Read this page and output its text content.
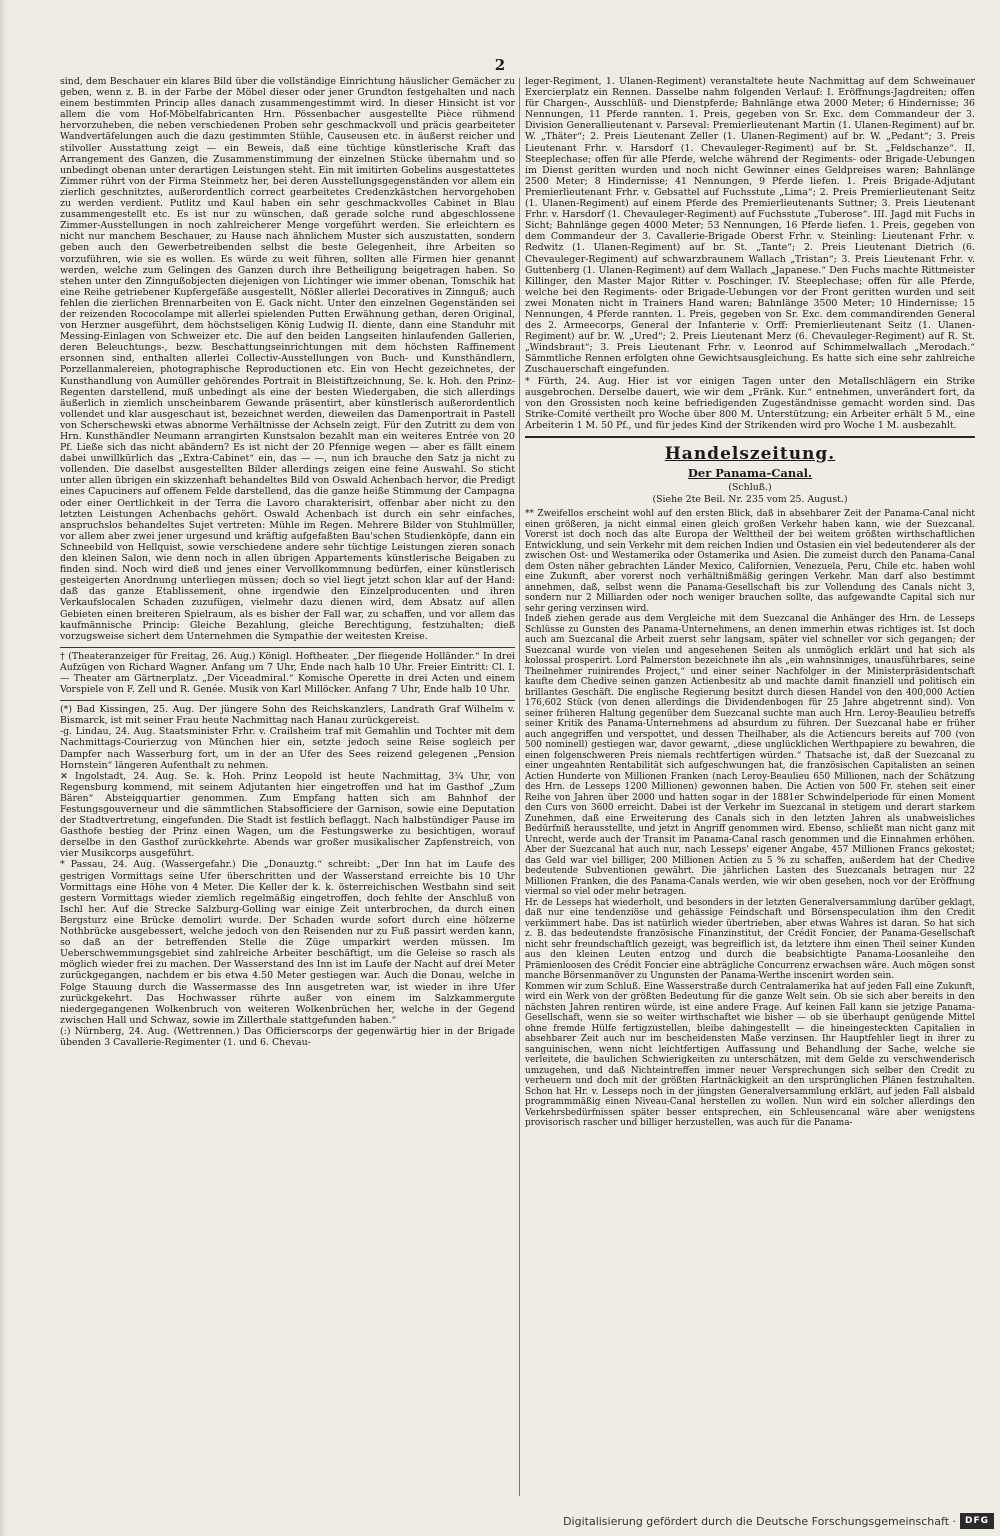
2

sind, dem Beschauer ein klares Bild über die vollständige Einrichtung häuslicher Gemächer zu geben, wenn z. B. in der Farbe der Möbel dieser oder jener Grundton festgehalten und nach einem bestimmten Princip alles danach zusammengestimmt wird. In dieser Hinsicht ist vor allem die vom Hof-Möbelfabricanten Hrn. Pössenbacher ausgestellte Pièce rühmend hervorzuheben, die neben verschiedenen Proben sehr geschmackvoll und präcis gearbeiteter Wandvertäfelungen auch die dazu gestimmten Stühle, Causeusen etc. in äußerst reicher und stilvoller Ausstattung zeigt — ein Beweis, daß eine tüchtige künstlerische Kraft das Arrangement des Ganzen, die Zusammenstimmung der einzelnen Stücke übernahm und so unbedingt obenan unter derartigen Leistungen steht. Ein mit imitirten Gobelins ausgestattetes Zimmer rührt von der Firma Steinmetz her, bei deren Ausstellungsgegenständen vor allem ein zierlich geschnitztes, außerordentlich correct gearbeitetes Credenzkästchen hervorgehoben zu werden verdient. Putlitz und Kaul haben ein sehr geschmackvolles Cabinet in Blau zusammengestellt etc. Es ist nur zu wünschen, daß gerade solche rund abgeschlossene Zimmer-Ausstellungen in noch zahlreicherer Menge vorgeführt werden. Sie erleichtern es nicht nur manchem Beschauer, zu Hause nach ähnlichem Muster sich auszustatten, sondern geben auch den Gewerbetreibenden selbst die beste Gelegenheit, ihre Arbeiten so vorzuführen, wie sie es wollen. Es würde zu weit führen, sollten alle Firmen hier genannt werden, welche zum Gelingen des Ganzen durch ihre Betheiligung beigetragen haben. So stehen unter den Zinngußobjecten diejenigen von Lichtinger wie immer obenan, Tomschik hat eine Reihe getriebener Kupfergefäße ausgestellt, Nößler allerlei Decoratives in Zinnguß; auch fehlen die zierlichen Brennarbeiten von E. Gack nicht. Unter den einzelnen Gegenständen sei der reizenden Rococolampe mit allerlei spielenden Putten Erwähnung gethan, deren Original, von Herzner ausgeführt, dem höchstseligen König Ludwig II. diente, dann eine Standuhr mit Messing-Einlagen von Schweizer etc. Die auf den beiden Langseiten hinlaufenden Gallerien, deren Beleuchtungs-, bezw. Beschattungseinrichtungen mit dem höchsten Raffinement ersonnen sind, enthalten allerlei Collectiv-Ausstellungen von Buch- und Kunsthändlern, Porzellanmalereien, photographische Reproductionen etc. Ein von Hecht gezeichnetes, der Kunsthandlung von Aumüller gehörendes Portrait in Bleistiftzeichnung, Se. k. Hoh. den Prinz-Regenten darstellend, muß unbedingt als eine der besten Wiedergaben, die sich allerdings äußerlich in ziemlich unscheinbarem Gewande präsentirt, aber künstlerisch außerordentlich vollendet und klar ausgeschaut ist, bezeichnet werden, dieweilen das Damenportrait in Pastell von Scherschewski etwas abnorme Verhältnisse der Achseln zeigt. Für den Zutritt zu dem von Hrn. Kunsthändler Neumann arrangirten Kunstsalon bezahlt man ein weiteres Entrée von 20 Pf. Ließe sich das nicht abändern? Es ist nicht der 20 Pfennige wegen — aber es fällt einem dabei unwillkürlich das „Extra-Cabinet“ ein, das — —, nun ich brauche den Satz ja nicht zu vollenden. Die daselbst ausgestellten Bilder allerdings zeigen eine feine Auswahl. So sticht unter allen übrigen ein skizzenhaft behandeltes Bild von Oswald Achenbach hervor, die Predigt eines Capuciners auf offenem Felde darstellend, das die ganze heiße Stimmung der Campagna oder einer Oertlichkeit in der Terra die Lavoro charakterisirt, offenbar aber nicht zu den letzten Leistungen Achenbachs gehört. Oswald Achenbach ist durch ein sehr einfaches, anspruchslos behandeltes Sujet vertreten: Mühle im Regen. Mehrere Bilder von Stuhlmüller, vor allem aber zwei jener urgesund und kräftig aufgefaßten Bau'schen Studienköpfe, dann ein Schneebild von Hellquist, sowie verschiedene andere sehr tüchtige Leistungen zieren sonach den kleinen Salon, wie denn noch in allen übrigen Appartements künstlerische Beigaben zu finden sind. Noch wird dieß und jenes einer Vervollkommnung bedürfen, einer künstlerisch gesteigerten Anordnung unterliegen müssen; doch so viel liegt jetzt schon klar auf der Hand: daß das ganze Etablissement, ohne irgendwie den Einzelproducenten und ihren Verkaufslocalen Schaden zuzufügen, vielmehr dazu dienen wird, dem Absatz auf allen Gebieten einen breiteren Spielraum, als es bisher der Fall war, zu schaffen, und vor allem das kaufmännische Princip: Gleiche Bezahlung, gleiche Berechtigung, festzuhalten; dieß vorzugsweise sichert dem Unternehmen die Sympathie der weitesten Kreise.

† (Theateranzeiger für Freitag, 26. Aug.) Königl. Hoftheater. „Der fliegende Holländer.“ In drei Aufzügen von Richard Wagner. Anfang um 7 Uhr, Ende nach halb 10 Uhr. Freier Eintritt: Cl. I. — Theater am Gärtnerplatz. „Der Viceadmiral.“ Komische Operette in drei Acten und einem Vorspiele von F. Zell und R. Genée. Musik von Karl Millöcker. Anfang 7 Uhr, Ende halb 10 Uhr.

(*) Bad Kissingen, 25. Aug. Der jüngere Sohn des Reichskanzlers, Landrath Graf Wilhelm v. Bismarck, ist mit seiner Frau heute Nachmittag nach Hanau zurückgereist.

-g. Lindau, 24. Aug. Staatsminister Frhr. v. Crailsheim traf mit Gemahlin und Tochter mit dem Nachmittags-Courierzug von München hier ein, setzte jedoch seine Reise sogleich per Dampfer nach Wasserburg fort, um in der an Ufer des Sees reizend gelegenen „Pension Hornstein“ längeren Aufenthalt zu nehmen.

✕ Ingolstadt, 24. Aug. Se. k. Hoh. Prinz Leopold ist heute Nachmittag, 3¾ Uhr, von Regensburg kommend, mit seinem Adjutanten hier eingetroffen und hat im Gasthof „Zum Bären“ Absteigquartier genommen. Zum Empfang hatten sich am Bahnhof der Festungsgouverneur und die sämmtlichen Stabsofficiere der Garnison, sowie eine Deputation der Stadtvertretung, eingefunden. Die Stadt ist festlich beflaggt. Nach halbstündiger Pause im Gasthofe bestieg der Prinz einen Wagen, um die Festungswerke zu besichtigen, worauf derselbe in den Gasthof zurückkehrte. Abends war großer musikalischer Zapfenstreich, von vier Musikcorps ausgeführt.

* Passau, 24. Aug. (Wassergefahr.) Die „Donauztg.“ schreibt: „Der Inn hat im Laufe des gestrigen Vormittags seine Ufer überschritten und der Wasserstand erreichte bis 10 Uhr Vormittags eine Höhe von 4 Meter. Die Keller der k. k. österreichischen Westbahn sind seit gestern Vormittags wieder ziemlich regelmäßig eingetroffen, doch fehlte der Anschluß von Ischl her. Auf die Strecke Salzburg-Golling war einige Zeit unterbrochen, da durch einen Bergsturz eine Brücke demolirt wurde. Der Schaden wurde sofort durch eine hölzerne Nothbrücke ausgebessert, welche jedoch von den Reisenden nur zu Fuß passirt werden kann, so daß an der betreffenden Stelle die Züge umparkirt werden müssen. Im Ueberschwemmungsgebiet sind zahlreiche Arbeiter beschäftigt, um die Geleise so rasch als möglich wieder frei zu machen. Der Wasserstand des Inn ist im Laufe der Nacht auf drei Meter zurückgegangen, nachdem er bis etwa 4.50 Meter gestiegen war. Auch die Donau, welche in Folge Stauung durch die Wassermasse des Inn ausgetreten war, ist wieder in ihre Ufer zurückgekehrt. Das Hochwasser rührte außer von einem im Salzkammergute niedergegangenen Wolkenbruch von weiteren Wolkenbrüchen her, welche in der Gegend zwischen Hall und Schwaz, sowie im Zillerthale stattgefunden haben.“

(:) Nürnberg, 24. Aug. (Wettrennen.) Das Officierscorps der gegenwärtig hier in der Brigade übenden 3 Cavallerie-Regimenter (1. und 6. Chevau-

leger-Regiment, 1. Ulanen-Regiment) veranstaltete heute Nachmittag auf dem Schweinauer Exercierplatz ein Rennen. Dasselbe nahm folgenden Verlauf: I. Eröffnungs-Jagdreiten; offen für Chargen-, Ausschlüß- und Dienstpferde; Bahnlänge etwa 2000 Meter; 6 Hindernisse; 36 Nennungen, 11 Pferde rannten. 1. Preis, gegeben von Sr. Exc. dem Commandeur der 3. Division Generallieutenant v. Parseval: Premierlieutenant Martin (1. Ulanen-Regiment) auf br. W. „Thäter“; 2. Preis Lieutenant Zeller (1. Ulanen-Regiment) auf br. W. „Pedant“; 3. Preis Lieutenant Frhr. v. Harsdorf (1. Chevauleger-Regiment) auf br. St. „Feldschanze“. II. Steeplechase; offen für alle Pferde, welche während der Regiments- oder Brigade-Uebungen im Dienst geritten wurden und noch nicht Gewinner eines Geldpreises waren; Bahnlänge 2500 Meter; 8 Hindernisse; 41 Nennungen, 9 Pferde liefen. 1. Preis Brigade-Adjutant Premierlieutenant Frhr. v. Gebsattel auf Fuchsstute „Lima“; 2. Preis Premierlieutenant Seitz (1. Ulanen-Regiment) auf einem Pferde des Premierlieutenants Suttner; 3. Preis Lieutenant Frhr. v. Harsdorf (1. Chevauleger-Regiment) auf Fuchsstute „Tuberose“. III. Jagd mit Fuchs in Sicht; Bahnlänge gegen 4000 Meter; 53 Nennungen, 16 Pferde liefen. 1. Preis, gegeben von dem Commandeur der 3. Cavallerie-Brigade Oberst Frhr. v. Steinling: Lieutenant Frhr. v. Redwitz (1. Ulanen-Regiment) auf br. St. „Tante“; 2. Preis Lieutenant Dietrich (6. Chevauleger-Regiment) auf schwarzbraunem Wallach „Tristan“; 3. Preis Lieutenant Frhr. v. Guttenberg (1. Ulanen-Regiment) auf dem Wallach „Japanese.“ Den Fuchs machte Rittmeister Killinger, den Master Major Ritter v. Poschinger. IV. Steeplechase; offen für alle Pferde, welche bei den Regiments- oder Brigade-Uebungen vor der Front geritten wurden und seit zwei Monaten nicht in Trainers Hand waren; Bahnlänge 3500 Meter; 10 Hindernisse; 15 Nennungen, 4 Pferde rannten. 1. Preis, gegeben von Sr. Exc. dem commandirenden General des 2. Armeecorps, General der Infanterie v. Orff: Premierlieutenant Seitz (1. Ulanen-Regiment) auf br. W. „Ured“; 2. Preis Lieutenant Merz (6. Chevauleger-Regiment) auf R. St. „Windsbraut“; 3. Preis Lieutenant Frhr. v. Leonrod auf Schimmelwallach „Merodach.“ Sämmtliche Rennen erfolgten ohne Gewichtsausgleichung. Es hatte sich eine sehr zahlreiche Zuschauerschaft eingefunden.

* Fürth, 24. Aug. Hier ist vor einigen Tagen unter den Metallschlägern ein Strike ausgebrochen. Derselbe dauert, wie wir dem „Fränk. Kur.“ entnehmen, unverändert fort, da von den Grossisten noch keine befriedigenden Zugeständnisse gemacht worden sind. Das Strike-Comité vertheilt pro Woche über 800 M. Unterstützung; ein Arbeiter erhält 5 M., eine Arbeiterin 1 M. 50 Pf., und für jedes Kind der Strikenden wird pro Woche 1 M. ausbezahlt.

Handelszeitung.
Der Panama-Canal.
(Schluß.)
(Siehe 2te Beil. Nr. 235 vom 25. August.)

** Zweifellos erscheint wohl auf den ersten Blick, daß in absehbarer Zeit der Panama-Canal nicht einen größeren, ja nicht einmal einen gleich großen Verkehr haben kann, wie der Suezcanal. Vorerst ist doch noch das alte Europa der Welttheil der bei weitem größten wirthschaftlichen Entwicklung, und sein Verkehr mit dem reichen Indien und Ostasien ein viel bedeutenderer als der zwischen Ost- und Westamerika oder Ostamerika und Asien. Die zumeist durch den Panama-Canal dem Osten näher gebrachten Länder Mexico, Californien, Venezuela, Peru, Chile etc. haben wohl eine Zukunft, aber vorerst noch verhältnißmäßig geringen Verkehr. Man darf also bestimmt annehmen, daß, selbst wenn die Panama-Gesellschaft bis zur Vollendung des Canals nicht 3, sondern nur 2 Milliarden oder noch weniger brauchen sollte, das aufgewandte Capital sich nur sehr gering verzinsen wird.

Indeß ziehen gerade aus dem Vergleiche mit dem Suezcanal die Anhänger des Hrn. de Lesseps Schlüsse zu Gunsten des Panama-Unternehmens, an denen immerhin etwas richtiges ist. Ist doch auch am Suezcanal die Arbeit zuerst sehr langsam, später viel schneller vor sich gegangen; der Suezcanal wurde von vielen und angesehenen Seiten als unmöglich erklärt und hat sich als kolossal prosperirt. Lord Palmerston bezeichnete ihn als „ein wahnsinniges, unausführbares, seine Theilnehmer ruinirendes Project,“ und einer seiner Nachfolger in der Ministerpräsidentschaft kaufte dem Chedive seinen ganzen Actienbesitz ab und machte damit finanziell und politisch ein brillantes Geschäft. Die englische Regierung besitzt durch diesen Handel von den 400,000 Actien 176,602 Stück (von denen allerdings die Dividendenbogen für 25 Jahre abgetrennt sind). Von seiner früheren Haltung gegenüber dem Suezcanal suchte man auch Hrn. Leroy-Beaulieu betreffs seiner Kritik des Panama-Unternehmens ad absurdum zu führen. Der Suezcanal habe er früher auch angegriffen und verspottet, und dessen Theilhaber, als die Actiencurs bereits auf 700 (von 500 nominell) gestiegen war, davor gewarnt, „diese unglücklichen Werthpapiere zu bewahren, die einen folgenschweren Preis niemals rechtfertigen würden.“ Thatsache ist, daß der Suezcanal zu einer ungeahnten Rentabilität sich aufgeschwungen hat, die französischen Capitalisten an seinen Actien Hunderte von Millionen Franken (nach Leroy-Beaulieu 650 Millionen, nach der Schätzung des Hrn. de Lesseps 1200 Millionen) gewonnen haben. Die Actien von 500 Fr. stehen seit einer Reihe von Jahren über 2000 und hatten sogar in der 1881er Schwindelperiode für einen Moment den Curs von 3600 erreicht. Dabei ist der Verkehr im Suezcanal in stetigem und derart starkem Zunehmen, daß eine Erweiterung des Canals sich in den letzten Jahren als unabweisliches Bedürfniß herausstellte, und jetzt in Angriff genommen wird. Ebenso, schließt man nicht ganz mit Unrecht, werde auch der Transit im Panama-Canal rasch genommen und die Einnahmen erhöhen. Aber der Suezcanal hat auch nur, nach Lesseps' eigener Angabe, 457 Millionen Francs gekostet; das Geld war viel billiger, 200 Millionen Actien zu 5 % zu schaffen, außerdem hat der Chedive bedeutende Subventionen gewährt. Die jährlichen Lasten des Suezcanals betragen nur 22 Millionen Franken, die des Panama-Canals werden, wie wir oben gesehen, noch vor der Eröffnung viermal so viel oder mehr betragen.

Hr. de Lesseps hat wiederholt, und besonders in der letzten Generalversammlung darüber geklagt, daß nur eine tendenziöse und gehässige Feindschaft und Börsenspeculation ihm den Credit verkümmert habe. Das ist natürlich wieder übertrieben, aber etwas Wahres ist daran. So hat sich z. B. das bedeutendste französische Finanzinstitut, der Crédit Foncier, der Panama-Gesellschaft nicht sehr freundschaftlich gezeigt, was begreiflich ist, da letztere ihm einen Theil seiner Kunden aus den kleinen Leuten entzog und durch die beabsichtigte Panama-Loosanleihe den Prämienloosen des Crédit Foncier eine abträgliche Concurrenz erwachsen wäre. Auch mögen sonst manche Börsenmanöver zu Ungunsten der Panama-Werthe inscenirt worden sein.

Kommen wir zum Schluß. Eine Wasserstraße durch Centralamerika hat auf jeden Fall eine Zukunft, wird ein Werk von der größten Bedeutung für die ganze Welt sein. Ob sie sich aber bereits in den nächsten Jahren rentiren würde, ist eine andere Frage. Auf keinen Fall kann sie jetzige Panama-Gesellschaft, wenn sie so weiter wirthschaftet wie bisher — ob sie überhaupt genügende Mittel ohne fremde Hülfe fertigzustellen, bleibe dahingestellt — die hineingesteckten Capitalien in absehbarer Zeit auch nur im bescheidensten Maße verzinsen. Ihr Hauptfehler liegt in ihrer zu sanguinischen, wenn nicht leichtfertigen Auffassung und Behandlung der Sache, welche sie verleitete, die baulichen Schwierigkeiten zu unterschätzen, mit dem Gelde zu verschwenderisch umzugehen, und daß Nichteintreffen immer neuer Versprechungen sich selber den Credit zu verheuern und doch mit der größten Hartnäckigkeit an den ursprünglichen Plänen festzuhalten. Schon hat Hr. v. Lesseps noch in der jüngsten Generalversammlung erklärt, auf jeden Fall alsbald programmmäßig einen Niveau-Canal herstellen zu wollen. Nun wird ein solcher allerdings den Verkehrsbedürfnissen später besser entsprechen, ein Schleusencanal wäre aber wenigstens provisorisch rascher und billiger herzustellen, was auch für die Panama-

Digitalisierung gefördert durch die Deutsche Forschungsgemeinschaft · DFG
